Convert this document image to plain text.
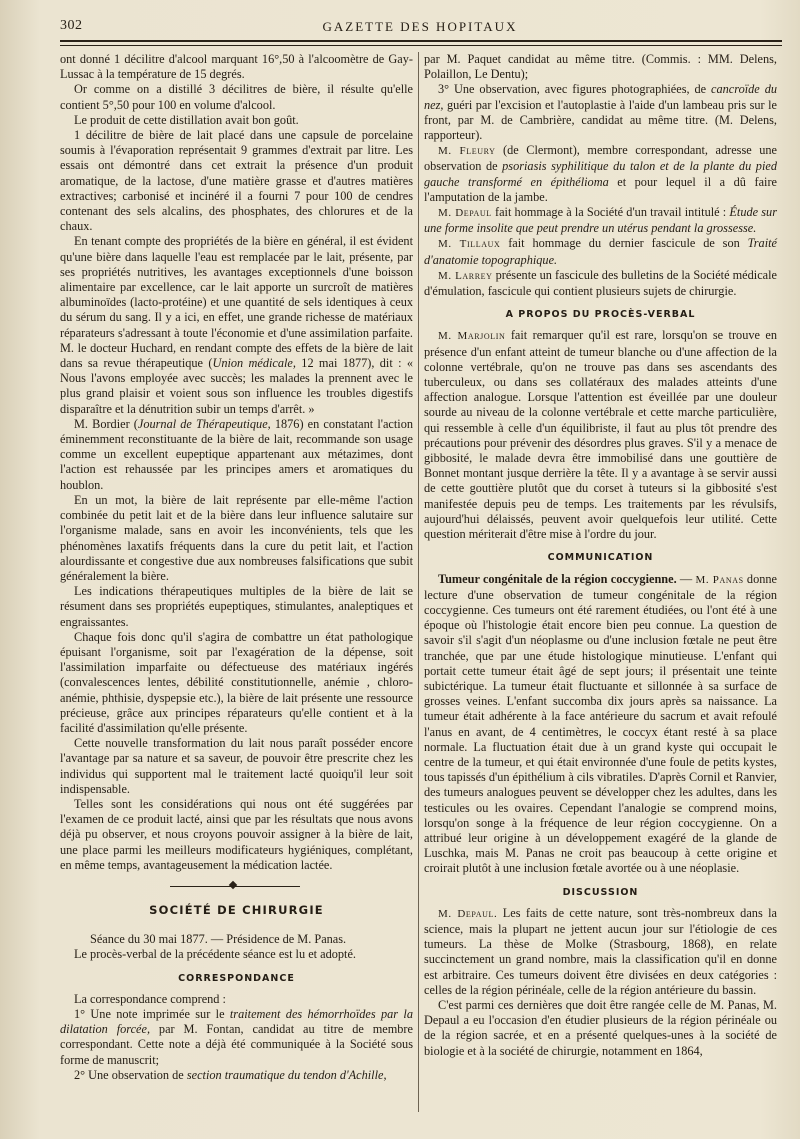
302	GAZETTE DES HOPITAUX

ont donné 1 décilitre d'alcool marquant 16°,50 à l'alcoomètre de Gay-Lussac à la température de 15 degrés.

Or comme on a distillé 3 décilitres de bière, il résulte qu'elle contient 5°,50 pour 100 en volume d'alcool.

Le produit de cette distillation avait bon goût.

1 décilitre de bière de lait placé dans une capsule de porcelaine soumis à l'évaporation représentait 9 grammes d'extrait par litre. Les essais ont démontré dans cet extrait la présence d'un produit aromatique, de la lactose, d'une matière grasse et d'autres matières extractives; carbonisé et incinéré il a fourni 7 pour 100 de cendres contenant des sels alcalins, des phosphates, des chlorures et de la chaux.

En tenant compte des propriétés de la bière en général, il est évident qu'une bière dans laquelle l'eau est remplacée par le lait, présente, par ses propriétés nutritives, les avantages exceptionnels d'une boisson alimentaire par excellence, car le lait apporte un surcroît de matières albuminoïdes (lacto-protéine) et une quantité de sels identiques à ceux du sérum du sang. Il y a ici, en effet, une grande richesse de matériaux réparateurs s'adressant à toute l'économie et d'une assimilation parfaite. M. le docteur Huchard, en rendant compte des effets de la bière de lait dans sa revue thérapeutique (Union médicale, 12 mai 1877), dit : « Nous l'avons employée avec succès; les malades la prennent avec le plus grand plaisir et voient sous son influence les troubles digestifs disparaître et la dénutrition subir un temps d'arrêt. »

M. Bordier (Journal de Thérapeutique, 1876) en constatant l'action éminemment reconstituante de la bière de lait, recommande son usage comme un excellent eupeptique appartenant aux métazimes, dont l'action est rehaussée par les principes amers et aromatiques du houblon.

En un mot, la bière de lait représente par elle-même l'action combinée du petit lait et de la bière dans leur influence salutaire sur l'organisme malade, sans en avoir les inconvénients, tels que les phénomènes laxatifs fréquents dans la cure du petit lait, et l'action alourdissante et congestive due aux nombreuses falsifications que subit généralement la bière.

Les indications thérapeutiques multiples de la bière de lait se résument dans ses propriétés eupeptiques, stimulantes, analeptiques et engraissantes.

Chaque fois donc qu'il s'agira de combattre un état pathologique épuisant l'organisme, soit par l'exagération de la dépense, soit l'assimilation imparfaite ou défectueuse des matériaux ingérés (convalescences lentes, débilité constitutionnelle, anémie , chloro-anémie, phthisie, dyspepsie etc.), la bière de lait présente une ressource précieuse, grâce aux principes réparateurs qu'elle contient et à la facilité d'assimilation qu'elle présente.

Cette nouvelle transformation du lait nous paraît posséder encore l'avantage par sa nature et sa saveur, de pouvoir être prescrite chez les individus qui supportent mal le traitement lacté quoiqu'il leur soit indispensable.

Telles sont les considérations qui nous ont été suggérées par l'examen de ce produit lacté, ainsi que par les résultats que nous avons déjà pu observer, et nous croyons pouvoir assigner à la bière de lait, une place parmi les meilleurs modificateurs hygiéniques, complétant, en même temps, avantageusement la médication lactée.

SOCIÉTÉ DE CHIRURGIE

Séance du 30 mai 1877. — Présidence de M. Panas.

Le procès-verbal de la précédente séance est lu et adopté.

CORRESPONDANCE

La correspondance comprend :

1° Une note imprimée sur le traitement des hémorrhoïdes par la dilatation forcée, par M. Fontan, candidat au titre de membre correspondant. Cette note a déjà été communiquée à la Société sous forme de manuscrit;

2° Une observation de section traumatique du tendon d'Achille,

par M. Paquet candidat au même titre. (Commis. : MM. Delens, Polaillon, Le Dentu);

3° Une observation, avec figures photographiées, de cancroïde du nez, guéri par l'excision et l'autoplastie à l'aide d'un lambeau pris sur le front, par M. de Cambrière, candidat au même titre. (M. Delens, rapporteur).

M. Fleury (de Clermont), membre correspondant, adresse une observation de psoriasis syphilitique du talon et de la plante du pied gauche transformé en épithélioma et pour lequel il a dû faire l'amputation de la jambe.

M. Depaul fait hommage à la Société d'un travail intitulé : Étude sur une forme insolite que peut prendre un utérus pendant la grossesse.

M. Tillaux fait hommage du dernier fascicule de son Traité d'anatomie topographique.

M. Larrey présente un fascicule des bulletins de la Société médicale d'émulation, fascicule qui contient plusieurs sujets de chirurgie.

A PROPOS DU PROCÈS-VERBAL

M. Marjolin fait remarquer qu'il est rare, lorsqu'on se trouve en présence d'un enfant atteint de tumeur blanche ou d'une affection de la colonne vertébrale, qu'on ne trouve pas dans ses ascendants des tuberculeux, ou dans ses collatéraux des malades atteints d'une affection analogue. Lorsque l'attention est éveillée par une douleur sourde au niveau de la colonne vertébrale et cette marche particulière, qui ressemble à celle d'un équilibriste, il faut au plus tôt prendre des précautions pour prévenir des désordres plus graves. S'il y a menace de gibbosité, le malade devra être immobilisé dans une gouttière de Bonnet montant jusque derrière la tête. Il y a avantage à se servir aussi de cette gouttière plutôt que du corset à tuteurs si la gibbosité s'est manifestée depuis peu de temps. Les traitements par les révulsifs, aujourd'hui délaissés, peuvent avoir quelquefois leur utilité. Cette question mériterait d'être mise à l'ordre du jour.

COMMUNICATION

Tumeur congénitale de la région coccygienne. — M. Panas donne lecture d'une observation de tumeur congénitale de la région coccygienne. Ces tumeurs ont été rarement étudiées, ou l'ont été à une époque où l'histologie était encore bien peu connue. La question de savoir s'il s'agit d'un néoplasme ou d'une inclusion fœtale ne peut être tranchée, que par une étude histologique minutieuse. L'enfant qui portait cette tumeur était âgé de sept jours; il présentait une teinte subictérique. La tumeur était fluctuante et sillonnée à sa surface de grosses veines. L'enfant succomba dix jours après sa naissance. La tumeur était adhérente à la face antérieure du sacrum et avait refoulé l'anus en avant, de 4 centimètres, le coccyx étant resté à sa place normale. La fluctuation était due à un grand kyste qui occupait le centre de la tumeur, et qui était environnée d'une foule de petits kystes, tous tapissés d'un épithélium à cils vibratiles. D'après Cornil et Ranvier, des tumeurs analogues peuvent se développer chez les adultes, dans les testicules ou les ovaires. Cependant l'analogie se comprend moins, lorsqu'on songe à la fréquence de leur région coccygienne. On a attribué leur origine à un développement exagéré de la glande de Luschka, mais M. Panas ne croit pas beaucoup à cette origine et croirait plutôt à une inclusion fœtale avortée ou à une néoplasie.

DISCUSSION

M. Depaul. Les faits de cette nature, sont très-nombreux dans la science, mais la plupart ne jettent aucun jour sur l'étiologie de ces tumeurs. La thèse de Molke (Strasbourg, 1868), en relate succinctement un grand nombre, mais la classification qu'il en donne est arbitraire. Ces tumeurs doivent être divisées en deux catégories : celles de la région périnéale, celle de la région antérieure du bassin.

C'est parmi ces dernières que doit être rangée celle de M. Panas, M. Depaul a eu l'occasion d'en étudier plusieurs de la région périnéale ou de la région sacrée, et en a présenté quelques-unes à la société de biologie et à la société de chirurgie, notamment en 1864,
